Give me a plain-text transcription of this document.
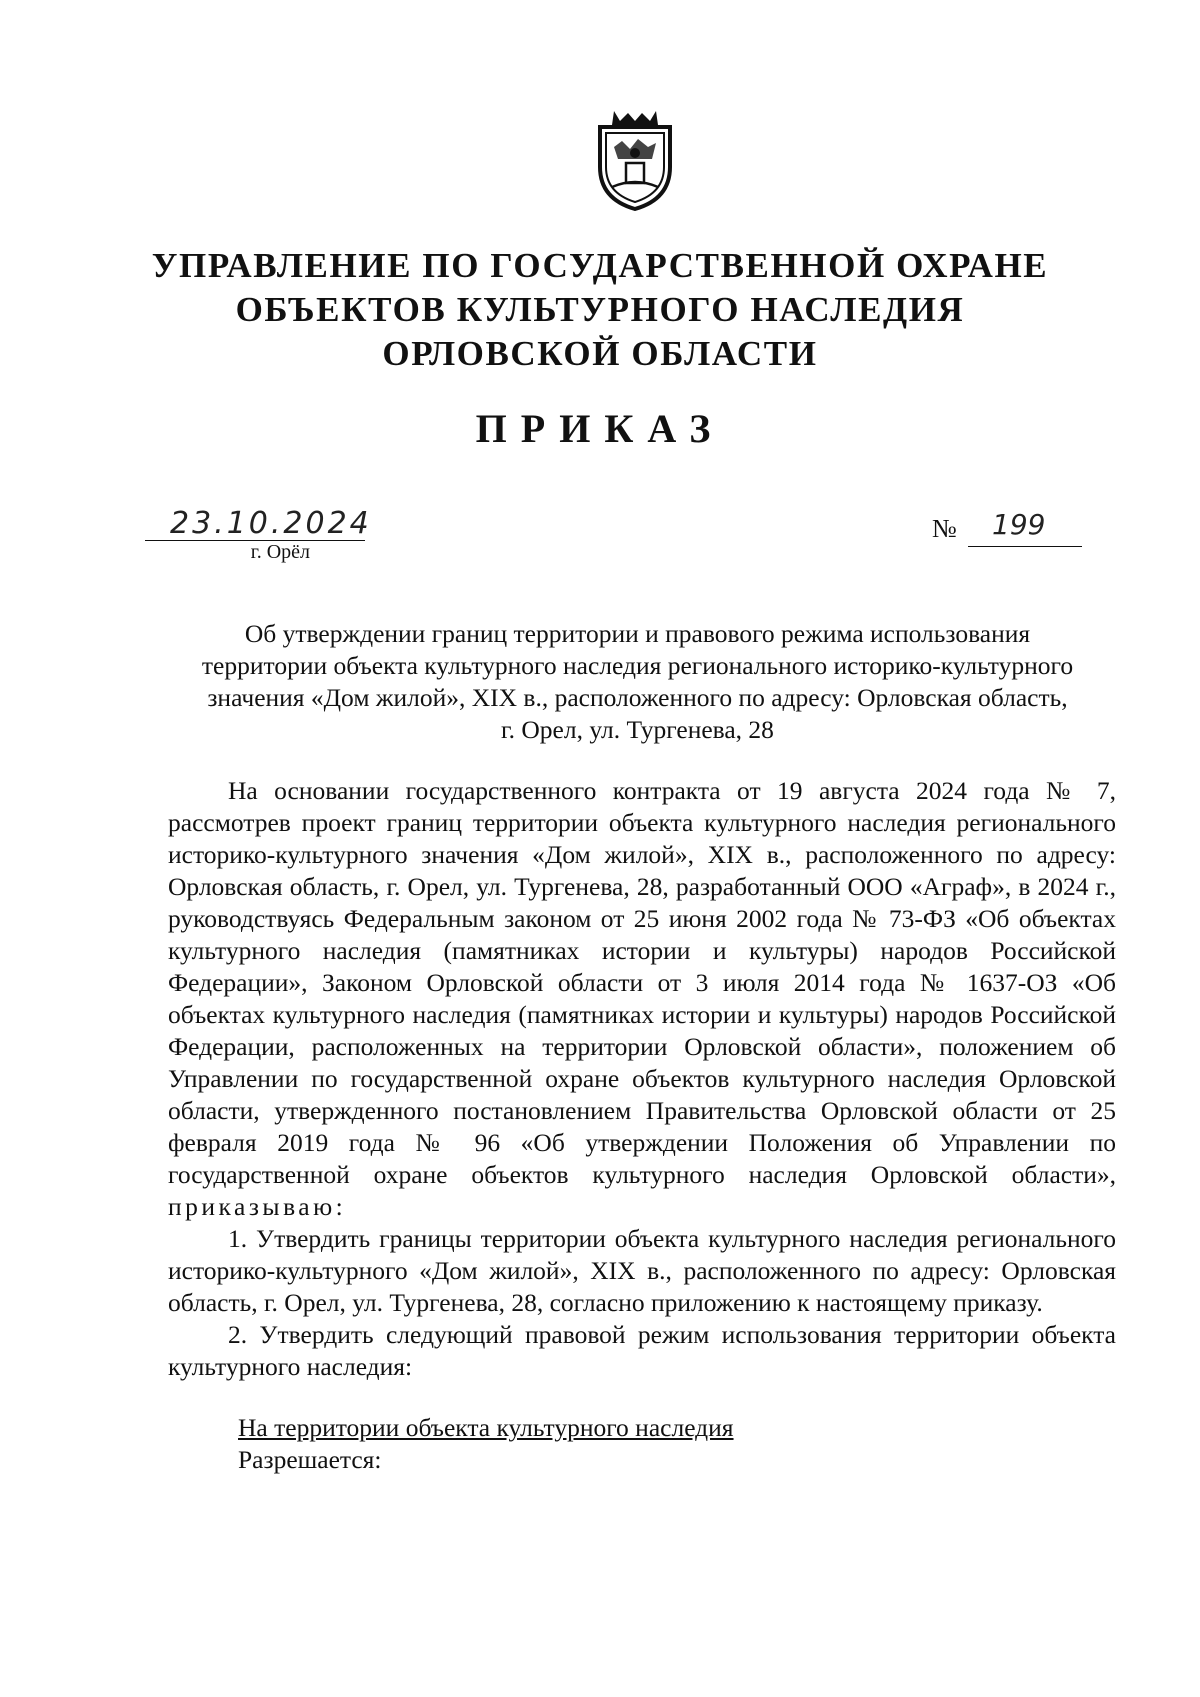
УПРАВЛЕНИЕ ПО ГОСУДАРСТВЕННОЙ ОХРАНЕ
ОБЪЕКТОВ КУЛЬТУРНОГО НАСЛЕДИЯ
ОРЛОВСКОЙ ОБЛАСТИ
ПРИКАЗ
23.10.2024
г. Орёл
№ 199
Об утверждении границ территории и правового режима использования
территории объекта культурного наследия регионального историко-культурного
значения «Дом жилой», XIX в., расположенного по адресу: Орловская область,
г. Орел, ул. Тургенева, 28

На основании государственного контракта от 19 августа 2024 года № 7, рассмотрев проект границ территории объекта культурного наследия регионального историко-культурного значения «Дом жилой», XIX в., расположенного по адресу: Орловская область, г. Орел, ул. Тургенева, 28, разработанный ООО «Аграф», в 2024 г., руководствуясь Федеральным законом от 25 июня 2002 года № 73-ФЗ «Об объектах культурного наследия (памятниках истории и культуры) народов Российской Федерации», Законом Орловской области от 3 июля 2014 года № 1637-ОЗ «Об объектах культурного наследия (памятниках истории и культуры) народов Российской Федерации, расположенных на территории Орловской области», положением об Управлении по государственной охране объектов культурного наследия Орловской области, утвержденного постановлением Правительства Орловской области от 25 февраля 2019 года № 96 «Об утверждении Положения об Управлении по государственной охране объектов культурного наследия Орловской области», приказываю:

1. Утвердить границы территории объекта культурного наследия регионального историко-культурного «Дом жилой», XIX в., расположенного по адресу: Орловская область, г. Орел, ул. Тургенева, 28, согласно приложению к настоящему приказу.

2. Утвердить следующий правовой режим использования территории объекта культурного наследия:

На территории объекта культурного наследия
Разрешается:
